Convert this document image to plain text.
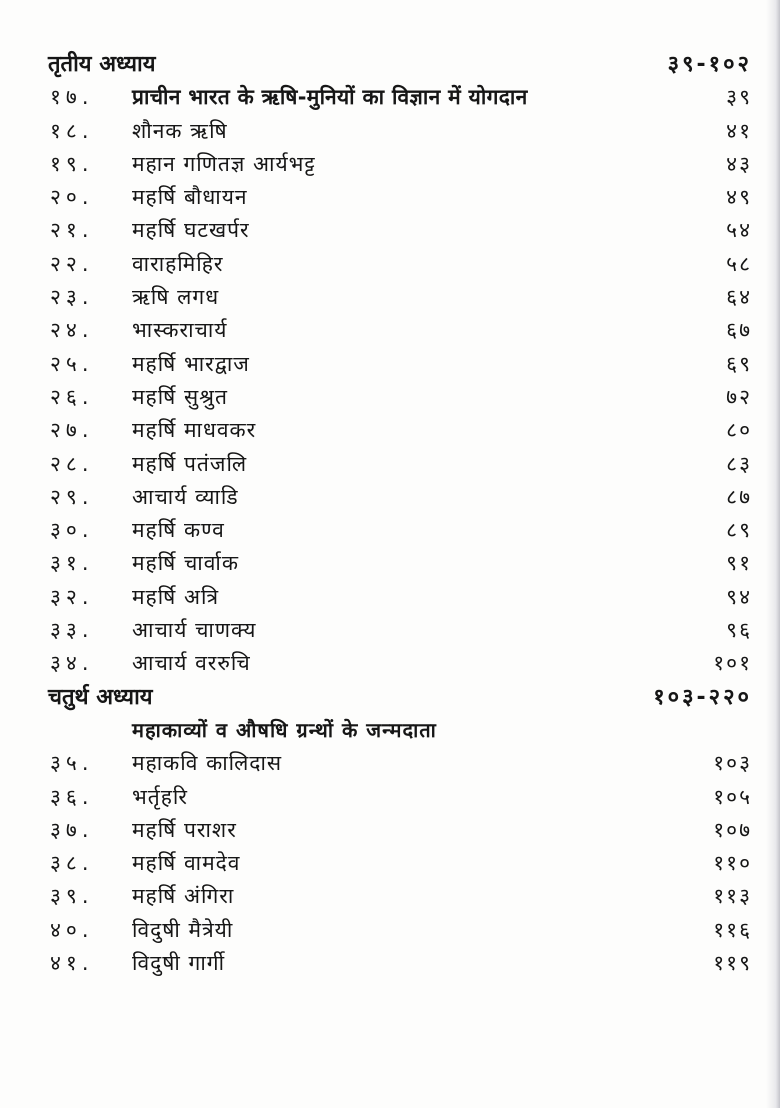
तृतीय अध्याय	३९-१०२
१७. प्राचीन भारत के ऋषि-मुनियों का विज्ञान में योगदान	३९
१८. शौनक ऋषि	४१
१९. महान गणितज्ञ आर्यभट्ट	४३
२०. महर्षि बौधायन	४९
२१. महर्षि घटखर्पर	५४
२२. वाराहमिहिर	५८
२३. ऋषि लगध	६४
२४. भास्कराचार्य	६७
२५. महर्षि भारद्वाज	६९
२६. महर्षि सुश्रुत	७२
२७. महर्षि माधवकर	८०
२८. महर्षि पतंजलि	८३
२९. आचार्य व्याडि	८७
३०. महर्षि कण्व	८९
३१. महर्षि चार्वाक	९१
३२. महर्षि अत्रि	९४
३३. आचार्य चाणक्य	९६
३४. आचार्य वररुचि	१०१
चतुर्थ अध्याय	१०३-२२०
महाकाव्यों व औषधि ग्रन्थों के जन्मदाता
३५. महाकवि कालिदास	१०३
३६. भर्तृहरि	१०५
३७. महर्षि पराशर	१०७
३८. महर्षि वामदेव	११०
३९. महर्षि अंगिरा	११३
४०. विदुषी मैत्रेयी	११६
४१. विदुषी गार्गी	११९
